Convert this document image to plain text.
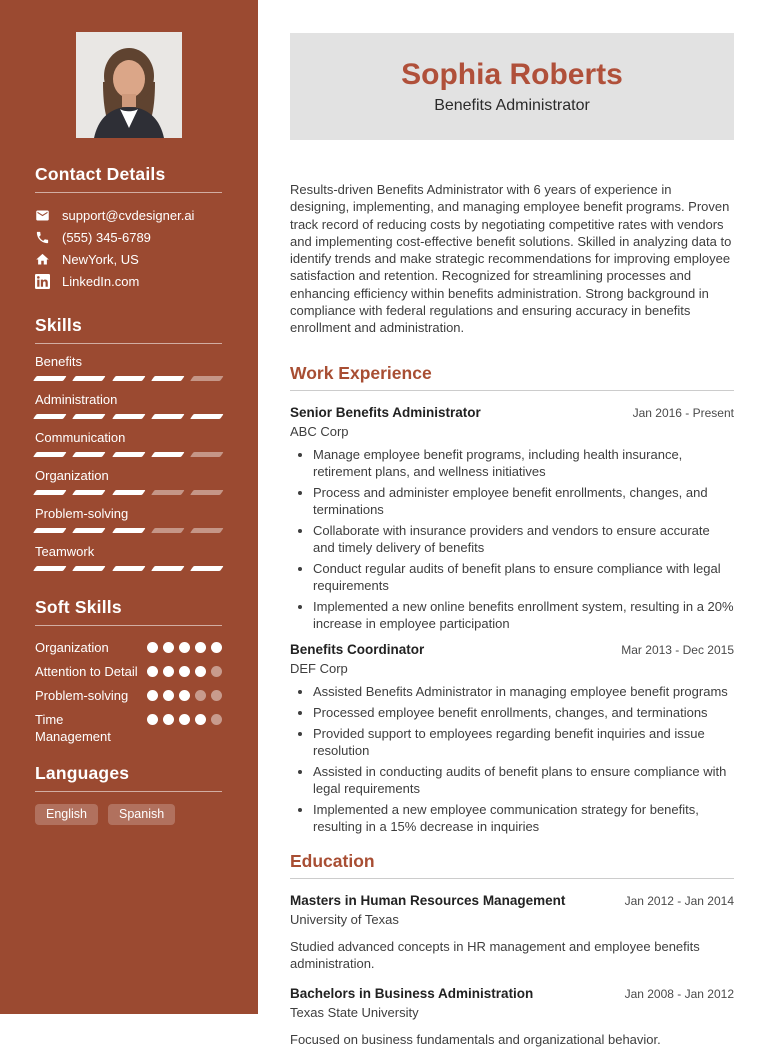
Contact Details
support@cvdesigner.ai
(555) 345-6789
NewYork, US
LinkedIn.com
Skills
Benefits
Administration
Communication
Organization
Problem-solving
Teamwork
Soft Skills
Organization
Attention to Detail
Problem-solving
Time Management
Languages
English	Spanish
Sophia Roberts
Benefits Administrator

Results-driven Benefits Administrator with 6 years of experience in designing, implementing, and managing employee benefit programs. Proven track record of reducing costs by negotiating competitive rates with vendors and implementing cost-effective benefit solutions. Skilled in analyzing data to identify trends and make strategic recommendations for improving employee satisfaction and retention. Recognized for streamlining processes and enhancing efficiency within benefits administration. Strong background in compliance with federal regulations and ensuring accuracy in benefits enrollment and administration.

Work Experience
Senior Benefits Administrator	Jan 2016 - Present
ABC Corp
• Manage employee benefit programs, including health insurance, retirement plans, and wellness initiatives
• Process and administer employee benefit enrollments, changes, and terminations
• Collaborate with insurance providers and vendors to ensure accurate and timely delivery of benefits
• Conduct regular audits of benefit plans to ensure compliance with legal requirements
• Implemented a new online benefits enrollment system, resulting in a 20% increase in employee participation
Benefits Coordinator	Mar 2013 - Dec 2015
DEF Corp
• Assisted Benefits Administrator in managing employee benefit programs
• Processed employee benefit enrollments, changes, and terminations
• Provided support to employees regarding benefit inquiries and issue resolution
• Assisted in conducting audits of benefit plans to ensure compliance with legal requirements
• Implemented a new employee communication strategy for benefits, resulting in a 15% decrease in inquiries
Education
Masters in Human Resources Management	Jan 2012 - Jan 2014
University of Texas
Studied advanced concepts in HR management and employee benefits administration.
Bachelors in Business Administration	Jan 2008 - Jan 2012
Texas State University
Focused on business fundamentals and organizational behavior.
